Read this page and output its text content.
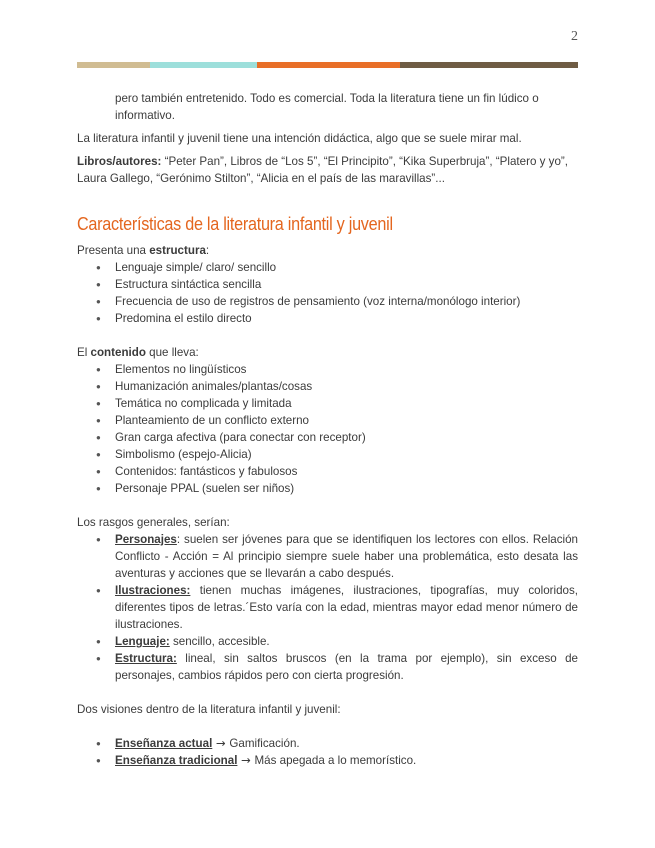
2

pero también entretenido. Todo es comercial. Toda la literatura tiene un fin lúdico o informativo.

La literatura infantil y juvenil tiene una intención didáctica, algo que se suele mirar mal.

Libros/autores: “Peter Pan”, Libros de “Los 5”, “El Principito”, “Kika Superbruja”, “Platero y yo”, Laura Gallego, “Gerónimo Stilton”, “Alicia en el país de las maravillas”...

Características de la literatura infantil y juvenil

Presenta una estructura:

● Lenguaje simple/ claro/ sencillo
● Estructura sintáctica sencilla
● Frecuencia de uso de registros de pensamiento (voz interna/monólogo interior)
● Predomina el estilo directo

El contenido que lleva:

● Elementos no lingüísticos
● Humanización animales/plantas/cosas
● Temática no complicada y limitada
● Planteamiento de un conflicto externo
● Gran carga afectiva (para conectar con receptor)
● Simbolismo (espejo-Alicia)
● Contenidos: fantásticos y fabulosos
● Personaje PPAL (suelen ser niños)

Los rasgos generales, serían:

● Personajes: suelen ser jóvenes para que se identifiquen los lectores con ellos. Relación Conflicto - Acción = Al principio siempre suele haber una problemática, esto desata las aventuras y acciones que se llevarán a cabo después.
● Ilustraciones: tienen muchas imágenes, ilustraciones, tipografías, muy coloridos, diferentes tipos de letras.´Esto varía con la edad, mientras mayor edad menor número de ilustraciones.
● Lenguaje: sencillo, accesible.
● Estructura: lineal, sin saltos bruscos (en la trama por ejemplo), sin exceso de personajes, cambios rápidos pero con cierta progresión.

Dos visiones dentro de la literatura infantil y juvenil:

● Enseñanza actual → Gamificación.
● Enseñanza tradicional → Más apegada a lo memorístico.
